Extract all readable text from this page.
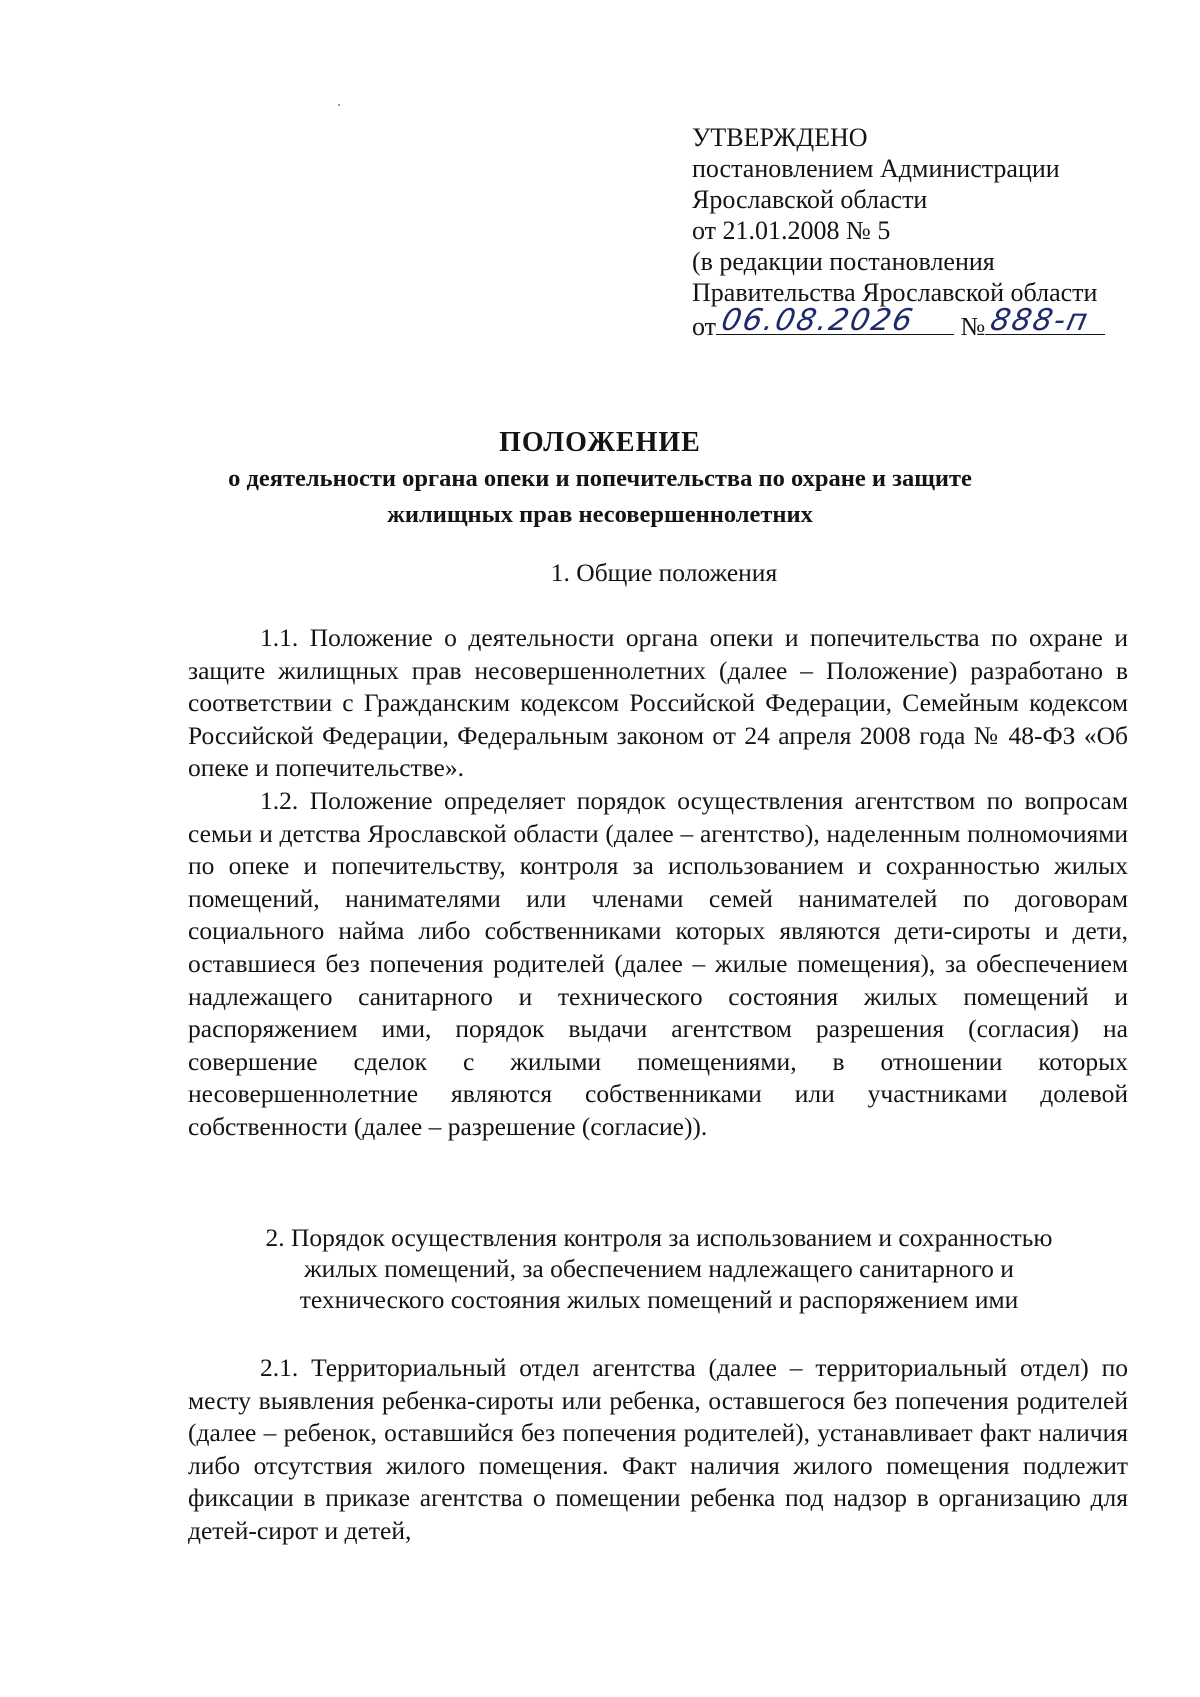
УТВЕРЖДЕНО
постановлением Администрации
Ярославской области
от 21.01.2008 № 5
(в редакции постановления
Правительства Ярославской области
от 06.08.2026 № 888-п
ПОЛОЖЕНИЕ
о деятельности органа опеки и попечительства по охране и защите
жилищных прав несовершеннолетних
1. Общие положения

1.1. Положение о деятельности органа опеки и попечительства по охране и защите жилищных прав несовершеннолетних (далее – Положение) разработано в соответствии с Гражданским кодексом Российской Федерации, Семейным кодексом Российской Федерации, Федеральным законом от 24 апреля 2008 года № 48-ФЗ «Об опеке и попечительстве».

1.2. Положение определяет порядок осуществления агентством по вопросам семьи и детства Ярославской области (далее – агентство), наделенным полномочиями по опеке и попечительству, контроля за использованием и сохранностью жилых помещений, нанимателями или членами семей нанимателей по договорам социального найма либо собственниками которых являются дети-сироты и дети, оставшиеся без попечения родителей (далее – жилые помещения), за обеспечением надлежащего санитарного и технического состояния жилых помещений и распоряжением ими, порядок выдачи агентством разрешения (согласия) на совершение сделок с жилыми помещениями, в отношении которых несовершеннолетние являются собственниками или участниками долевой собственности (далее – разрешение (согласие)).

2. Порядок осуществления контроля за использованием и сохранностью
жилых помещений, за обеспечением надлежащего санитарного и
технического состояния жилых помещений и распоряжением ими

2.1. Территориальный отдел агентства (далее – территориальный отдел) по месту выявления ребенка-сироты или ребенка, оставшегося без попечения родителей (далее – ребенок, оставшийся без попечения родителей), устанавливает факт наличия либо отсутствия жилого помещения. Факт наличия жилого помещения подлежит фиксации в приказе агентства о помещении ребенка под надзор в организацию для детей-сирот и детей,
